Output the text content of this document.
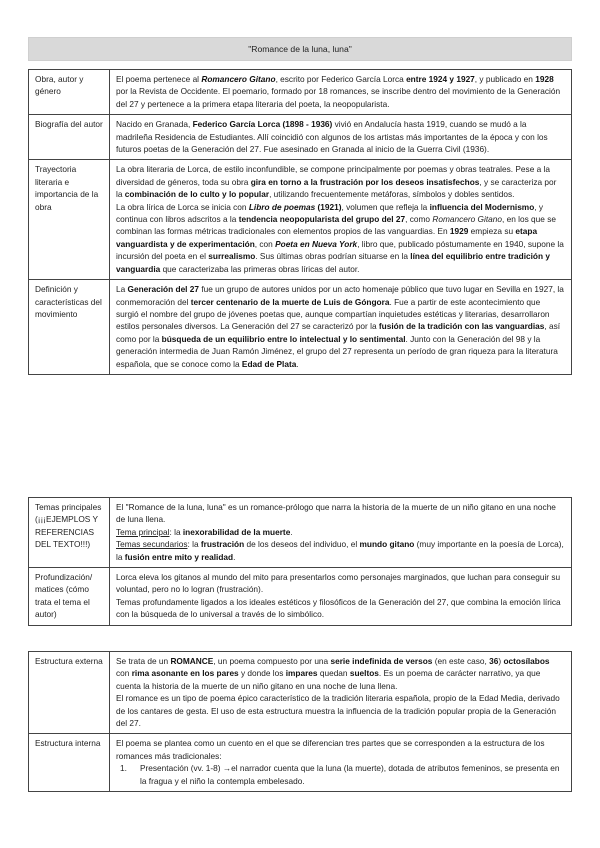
"Romance de la luna, luna"
Obra, autor y género	El poema pertenece al Romancero Gitano, escrito por Federico García Lorca entre 1924 y 1927, y publicado en 1928 por la Revista de Occidente. El poemario, formado por 18 romances, se inscribe dentro del movimiento de la Generación del 27 y pertenece a la primera etapa literaria del poeta, la neopopularista.
Biografía del autor	Nacido en Granada, Federico García Lorca (1898 - 1936) vivió en Andalucía hasta 1919, cuando se mudó a la madrileña Residencia de Estudiantes. Allí coincidió con algunos de los artistas más importantes de la época y con los futuros poetas de la Generación del 27. Fue asesinado en Granada al inicio de la Guerra Civil (1936).
Trayectoria literaria e importancia de la obra	La obra literaria de Lorca, de estilo inconfundible, se compone principalmente por poemas y obras teatrales. Pese a la diversidad de géneros, toda su obra gira en torno a la frustración por los deseos insatisfechos, y se caracteriza por la combinación de lo culto y lo popular, utilizando frecuentemente metáforas, símbolos y dobles sentidos.

La obra lírica de Lorca se inicia con Libro de poemas (1921), volumen que refleja la influencia del Modernismo, y continua con libros adscritos a la tendencia neopopularista del grupo del 27, como Romancero Gitano, en los que se combinan las formas métricas tradicionales con elementos propios de las vanguardias. En 1929 empieza su etapa vanguardista y de experimentación, con Poeta en Nueva York, libro que, publicado póstumamente en 1940, supone la incursión del poeta en el surrealismo. Sus últimas obras podrían situarse en la línea del equilibrio entre tradición y vanguardia que caracterizaba las primeras obras líricas del autor.

Definición y características del movimiento	La Generación del 27 fue un grupo de autores unidos por un acto homenaje público que tuvo lugar en Sevilla en 1927, la conmemoración del tercer centenario de la muerte de Luis de Góngora. Fue a partir de este acontecimiento que surgió el nombre del grupo de jóvenes poetas que, aunque compartían inquietudes estéticas y literarias, desarrollaron estilos personales diversos. La Generación del 27 se caracterizó por la fusión de la tradición con las vanguardias, así como por la búsqueda de un equilibrio entre lo intelectual y lo sentimental. Junto con la Generación del 98 y la generación intermedia de Juan Ramón Jiménez, el grupo del 27 representa un período de gran riqueza para la literatura española, que se conoce como la Edad de Plata.
Temas principales (¡¡¡EJEMPLOS Y REFERENCIAS DEL TEXTO!!!)	El "Romance de la luna, luna" es un romance-prólogo que narra la historia de la muerte de un niño gitano en una noche de luna llena.

Tema principal: la inexorabilidad de la muerte.

Temas secundarios: la frustración de los deseos del individuo, el mundo gitano (muy importante en la poesía de Lorca), la fusión entre mito y realidad.

Profundización/ matices (cómo trata el tema el autor)	Lorca eleva los gitanos al mundo del mito para presentarlos como personajes marginados, que luchan para conseguir su voluntad, pero no lo logran (frustración).

Temas profundamente ligados a los ideales estéticos y filosóficos de la Generación del 27, que combina la emoción lírica con la búsqueda de lo universal a través de lo simbólico.

Estructura externa	Se trata de un ROMANCE, un poema compuesto por una serie indefinida de versos (en este caso, 36) octosílabos con rima asonante en los pares y donde los impares quedan sueltos. Es un poema de carácter narrativo, ya que cuenta la historia de la muerte de un niño gitano en una noche de luna llena.

El romance es un tipo de poema épico característico de la tradición literaria española, propio de la Edad Media, derivado de los cantares de gesta. El uso de esta estructura muestra la influencia de la tradición popular propia de la Generación del 27.

Estructura interna	El poema se plantea como un cuento en el que se diferencian tres partes que se corresponden a la estructura de los romances más tradicionales:

1. Presentación (vv. 1-8) →el narrador cuenta que la luna (la muerte), dotada de atributos femeninos, se presenta en la fragua y el niño la contempla embelesado.
